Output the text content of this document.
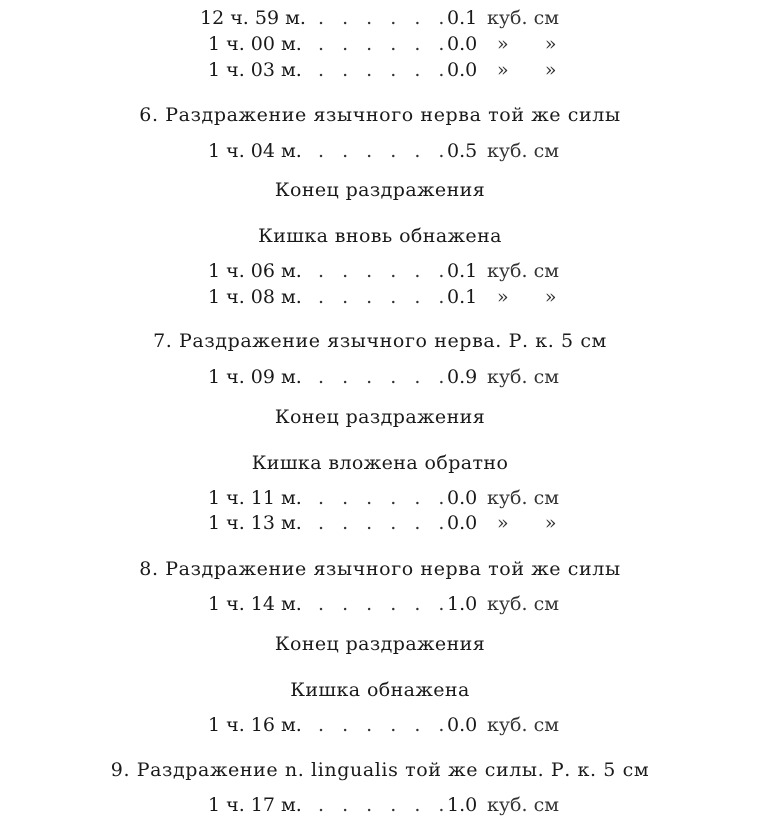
12 ч. 59 м. . . . . . .
0.1 куб. см
1 ч. 00 м. . . . . . .
0.0 »      »
1 ч. 03 м. . . . . . .
0.0 »      »
6. Раздражение язычного нерва той же силы
1 ч. 04 м. . . . . . .
0.5 куб. см
Конец раздражения
Кишка вновь обнажена
1 ч. 06 м. . . . . . .
0.1 куб. см
1 ч. 08 м. . . . . . .
0.1 »      »
7. Раздражение язычного нерва. Р. к. 5 см
1 ч. 09 м. . . . . . .
0.9 куб. см
Конец раздражения
Кишка вложена обратно
1 ч. 11 м. . . . . . .
0.0 куб. см
1 ч. 13 м. . . . . . .
0.0 »      »
8. Раздражение язычного нерва той же силы
1 ч. 14 м. . . . . . .
1.0 куб. см
Конец раздражения
Кишка обнажена
1 ч. 16 м. . . . . . .
0.0 куб. см
9. Раздражение n. lingualis той же силы. Р. к. 5 см
1 ч. 17 м. . . . . . .
1.0 куб. см
